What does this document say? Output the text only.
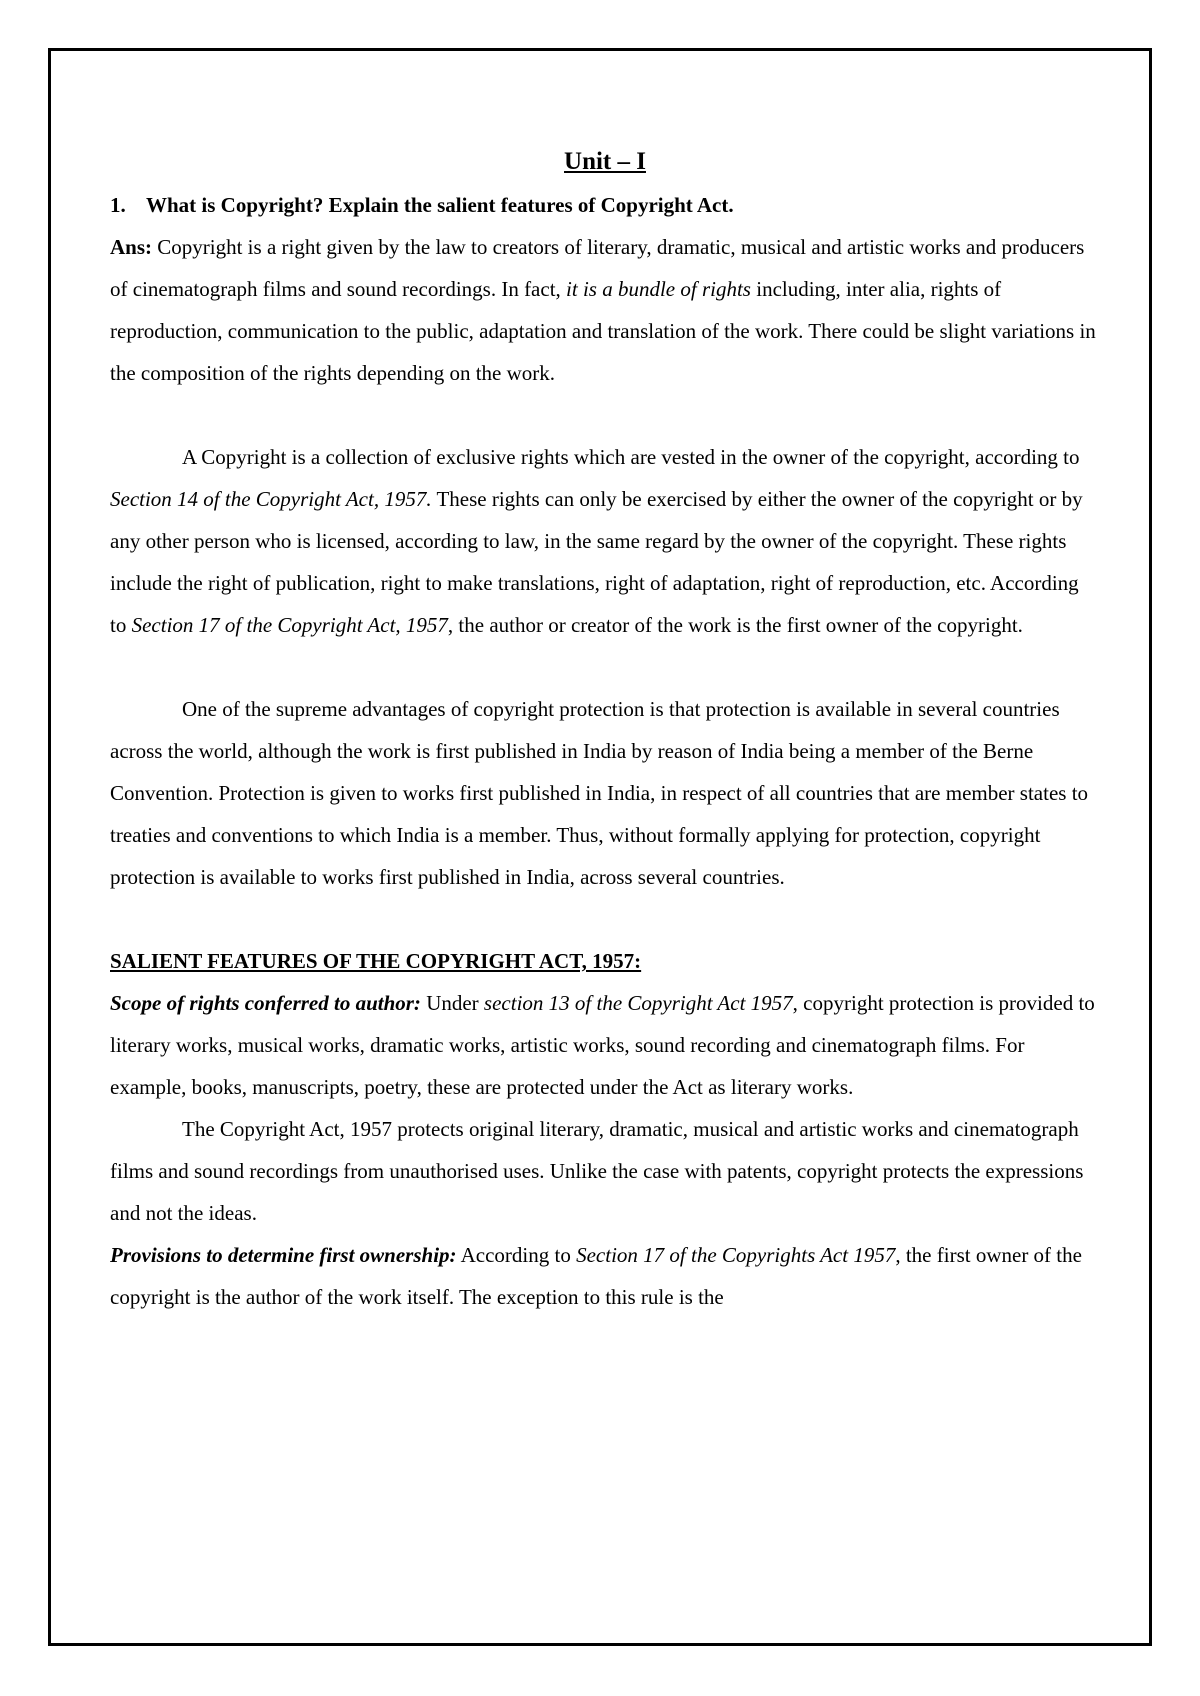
Unit – I

1. What is Copyright? Explain the salient features of Copyright Act.

Ans: Copyright is a right given by the law to creators of literary, dramatic, musical and artistic works and producers of cinematograph films and sound recordings. In fact, it is a bundle of rights including, inter alia, rights of reproduction, communication to the public, adaptation and translation of the work. There could be slight variations in the composition of the rights depending on the work.

A Copyright is a collection of exclusive rights which are vested in the owner of the copyright, according to Section 14 of the Copyright Act, 1957. These rights can only be exercised by either the owner of the copyright or by any other person who is licensed, according to law, in the same regard by the owner of the copyright. These rights include the right of publication, right to make translations, right of adaptation, right of reproduction, etc. According to Section 17 of the Copyright Act, 1957, the author or creator of the work is the first owner of the copyright.

One of the supreme advantages of copyright protection is that protection is available in several countries across the world, although the work is first published in India by reason of India being a member of the Berne Convention. Protection is given to works first published in India, in respect of all countries that are member states to treaties and conventions to which India is a member. Thus, without formally applying for protection, copyright protection is available to works first published in India, across several countries.

SALIENT FEATURES OF THE COPYRIGHT ACT, 1957:

Scope of rights conferred to author: Under section 13 of the Copyright Act 1957, copyright protection is provided to literary works, musical works, dramatic works, artistic works, sound recording and cinematograph films. For example, books, manuscripts, poetry, these are protected under the Act as literary works.

The Copyright Act, 1957 protects original literary, dramatic, musical and artistic works and cinematograph films and sound recordings from unauthorised uses. Unlike the case with patents, copyright protects the expressions and not the ideas.

Provisions to determine first ownership: According to Section 17 of the Copyrights Act 1957, the first owner of the copyright is the author of the work itself. The exception to this rule is the
